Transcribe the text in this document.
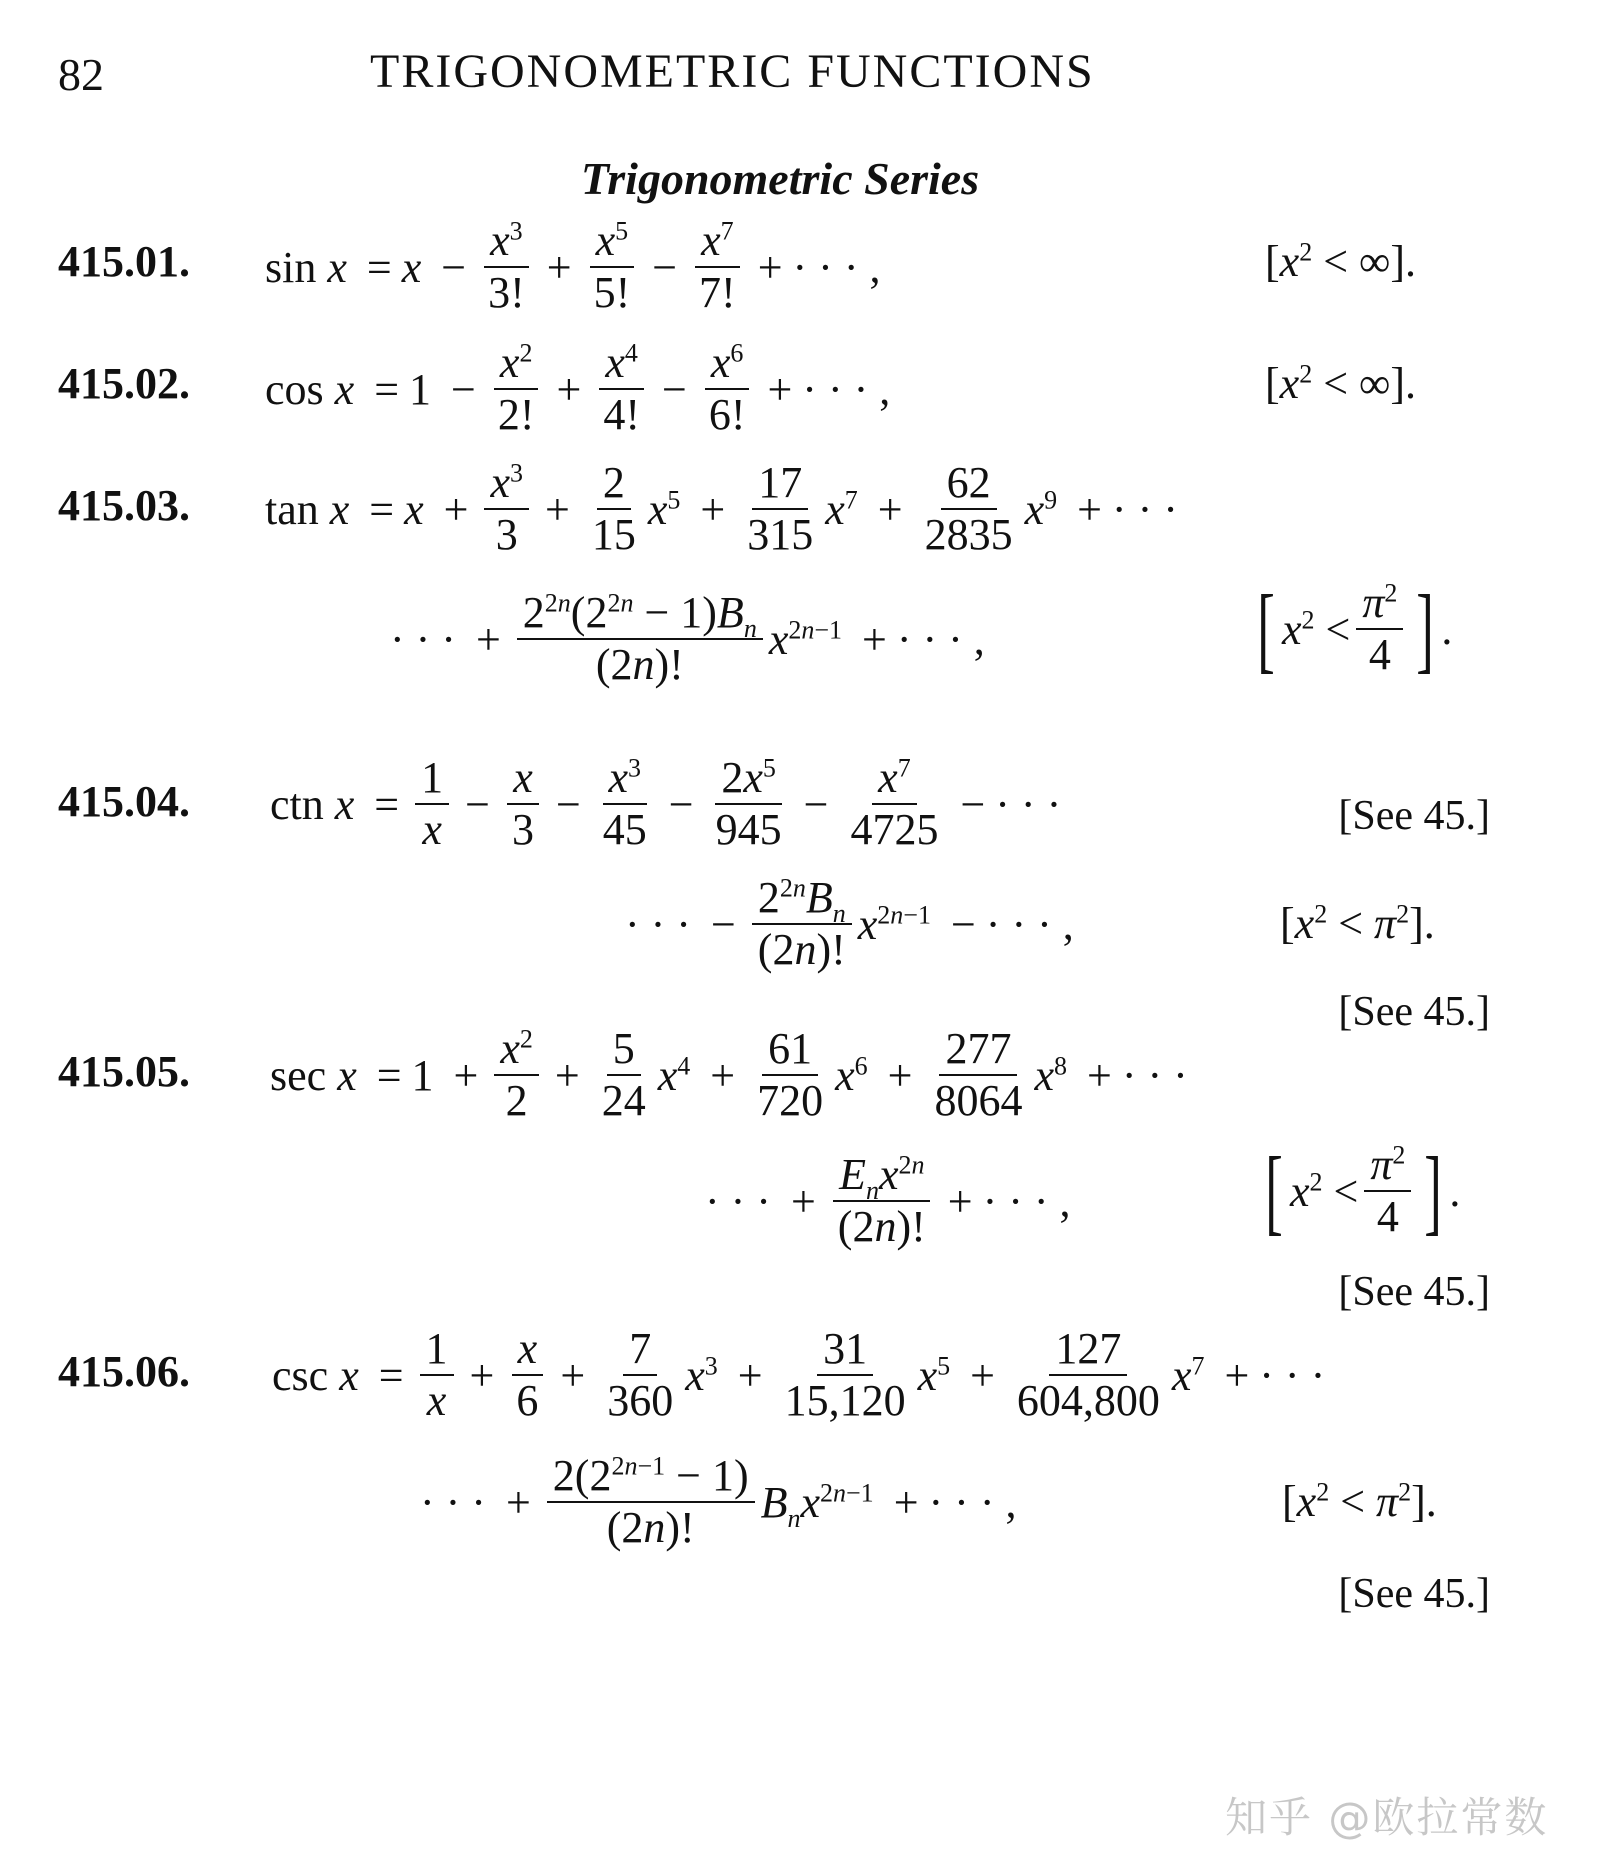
82	TRIGONOMETRIC FUNCTIONS
Trigonometric Series
415.01. $\sin x = x - \frac{x^3}{3!} + \frac{x^5}{5!} - \frac{x^7}{7!}$ + · · · ,	[$x^2$ < ∞].
415.02. $\cos x = 1 - \frac{x^2}{2!} + \frac{x^4}{4!} - \frac{x^6}{6!}$ + · · · ,	[$x^2$ < ∞].
415.03. $\tan x = x + \frac{x^3}{3} + \frac{2}{15} x^5 + \frac{17}{315} x^7 + \frac{62}{2835} x^9$ + · · ·
· · · + $\frac{2^{2n}(2^{2n} - 1)B_n}{(2n)!} x^{2n-1}$ + · · · ,	[ $x^2 < \frac{\pi^2}{4}$ ] .
[See 45.]
415.04. ctn $x = \frac{1}{x} - \frac{x}{3} - \frac{x^3}{45} - \frac{2x^5}{945} - \frac{x^7}{4725}$ − · · ·
· · · − $\frac{2^{2n}B_n}{(2n)!} x^{2n-1}$ − · · · ,	$[x^2 < \pi^2]$.
[See 45.]
415.05. $\sec x = 1 + \frac{x^2}{2} + \frac{5}{24} x^4 + \frac{61}{720} x^6 + \frac{277}{8064} x^8$ + · · ·
· · · + $\frac{E_nx^{2n}}{(2n)!}$ + · · · , [ $x^2 < \frac{\pi^2}{4}$ ] .
[See 45.]
415.06. $\csc x = \frac{1}{x} + \frac{x}{6} + \frac{7}{360} x^3 + \frac{31}{15,120} x^5 + \frac{127}{604,800} x^7$ + · · ·
· · · + $\frac{2(2^{2n-1} - 1)}{(2n)!} B_nx^{2n-1}$ + · · · ,	$[x^2 < \pi^2]$.
[See 45.]
知乎 @欧拉常数
